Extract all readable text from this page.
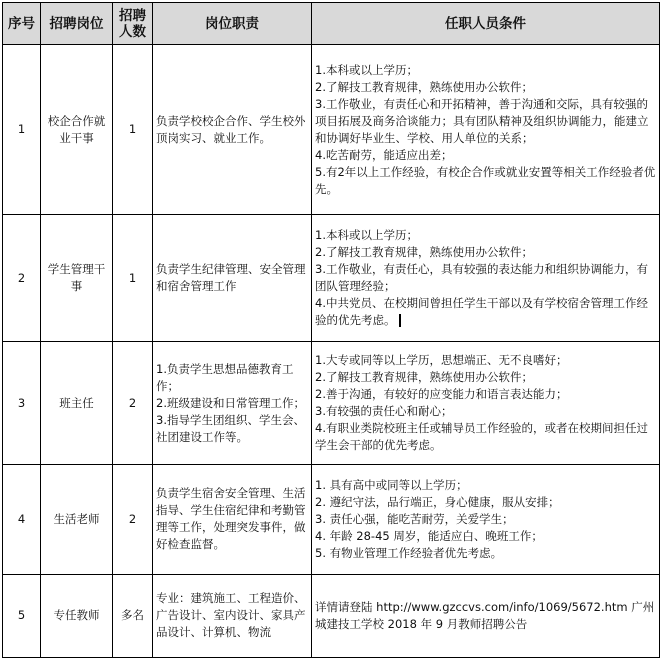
序号	招聘岗位	招聘人数	岗位职责	任职人员条件
1	校企合作就业干事	1	负责学校校企合作、学生校外顶岗实习、就业工作。	1.本科或以上学历；
2.了解技工教育规律，熟练使用办公软件；
3.工作敬业，有责任心和开拓精神，善于沟通和交际，具有较强的项目拓展及商务洽谈能力；具有团队精神及组织协调能力，能建立和协调好毕业生、学校、用人单位的关系；
4.吃苦耐劳，能适应出差；
5.有2年以上工作经验，有校企合作或就业安置等相关工作经验者优先。

2	学生管理干事	1	负责学生纪律管理、安全管理和宿舍管理工作	1.本科或以上学历；
2.了解技工教育规律，熟练使用办公软件；
3.工作敬业，有责任心，具有较强的表达能力和组织协调能力，有团队管理经验；
4.中共党员、在校期间曾担任学生干部以及有学校宿舍管理工作经验的优先考虑。

3	班主任	2	1.负责学生思想品德教育工作；
2.班级建设和日常管理工作；
3.指导学生团组织、学生会、社团建设工作等。	1.大专或同等以上学历，思想端正、无不良嗜好；
2.了解技工教育规律，熟练使用办公软件；
2.善于沟通，有较好的应变能力和语言表达能力；
3.有较强的责任心和耐心；
4.有职业类院校班主任或辅导员工作经验的，或者在校期间担任过学生会干部的优先考虑。

4	生活老师	2	负责学生宿舍安全管理、生活指导、学生住宿纪律和考勤管理等工作，处理突发事件，做好检查监督。	1. 具有高中或同等以上学历；
2. 遵纪守法，品行端正，身心健康，服从安排；
3. 责任心强，能吃苦耐劳，关爱学生；
4. 年龄 28-45 周岁，能适应白、晚班工作；
5. 有物业管理工作经验者优先考虑。

5	专任教师	多名	专业：建筑施工、工程造价、广告设计、室内设计、家具产品设计、计算机、物流	详情请登陆 http://www.gzccvs.com/info/1069/5672.htm 广州城建技工学校 2018 年 9 月教师招聘公告
